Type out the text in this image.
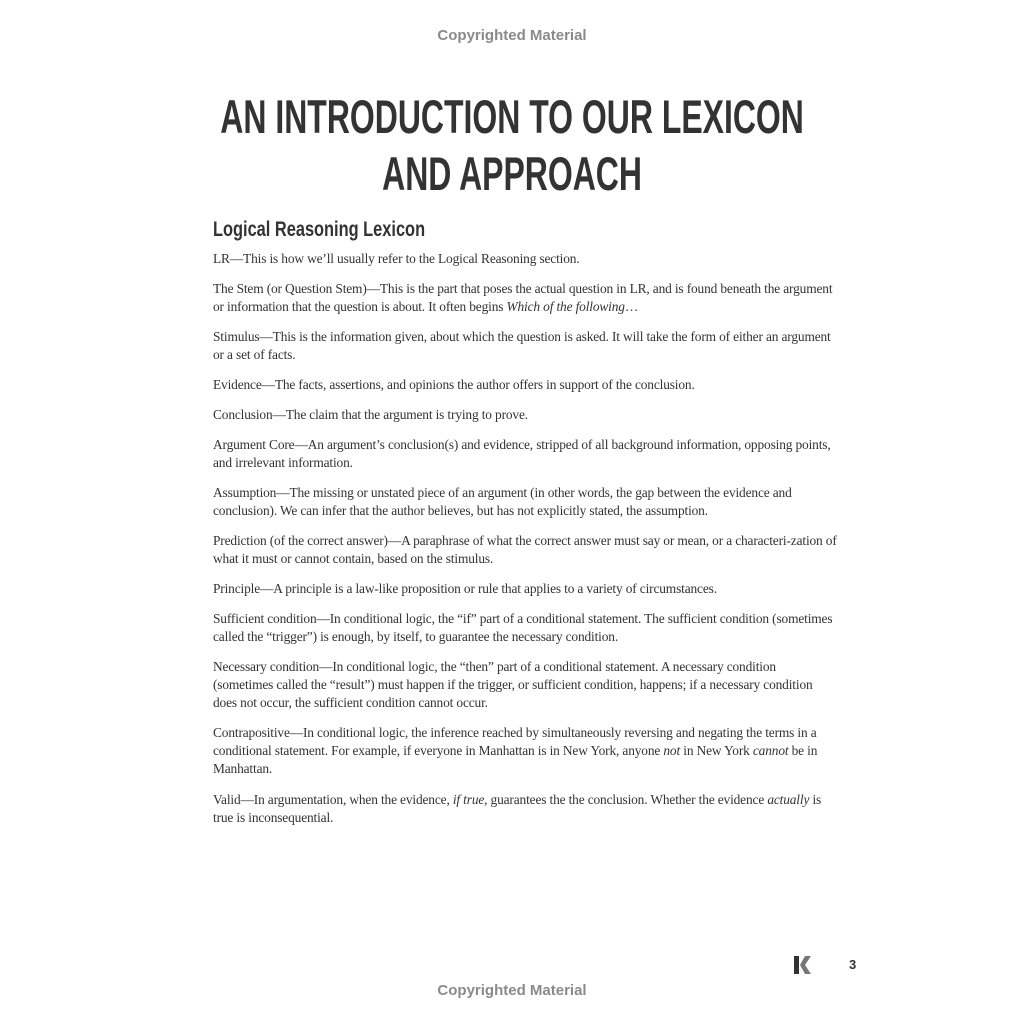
Copyrighted Material
AN INTRODUCTION TO OUR LEXICON
AND APPROACH
Logical Reasoning Lexicon

LR—This is how we’ll usually refer to the Logical Reasoning section.

The Stem (or Question Stem)—This is the part that poses the actual question in LR, and is found beneath the argument or information that the question is about. It often begins Which of the following…

Stimulus—This is the information given, about which the question is asked. It will take the form of either an argument or a set of facts.

Evidence—The facts, assertions, and opinions the author offers in support of the conclusion.

Conclusion—The claim that the argument is trying to prove.

Argument Core—An argument’s conclusion(s) and evidence, stripped of all background information, opposing points, and irrelevant information.

Assumption—The missing or unstated piece of an argument (in other words, the gap between the evidence and conclusion). We can infer that the author believes, but has not explicitly stated, the assumption.

Prediction (of the correct answer)—A paraphrase of what the correct answer must say or mean, or a characteri-zation of what it must or cannot contain, based on the stimulus.

Principle—A principle is a law-like proposition or rule that applies to a variety of circumstances.

Sufficient condition—In conditional logic, the “if” part of a conditional statement. The sufficient condition (sometimes called the “trigger”) is enough, by itself, to guarantee the necessary condition.

Necessary condition—In conditional logic, the “then” part of a conditional statement. A necessary condition (sometimes called the “result”) must happen if the trigger, or sufficient condition, happens; if a necessary condition does not occur, the sufficient condition cannot occur.

Contrapositive—In conditional logic, the inference reached by simultaneously reversing and negating the terms in a conditional statement. For example, if everyone in Manhattan is in New York, anyone not in New York cannot be in Manhattan.

Valid—In argumentation, when the evidence, if true, guarantees the the conclusion. Whether the evidence actually is true is inconsequential.

3
Copyrighted Material
